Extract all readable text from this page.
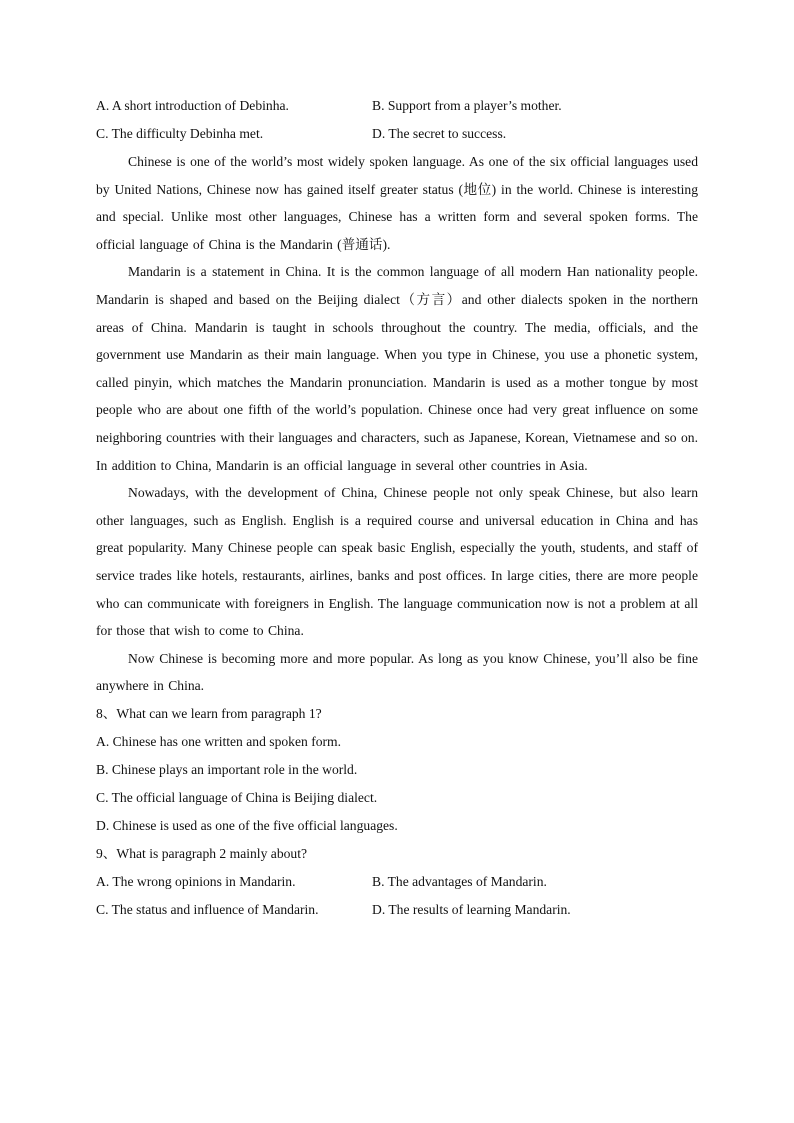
A. A short introduction of Debinha.	B. Support from a player’s mother.
C. The difficulty Debinha met.	D. The secret to success.

Chinese is one of the world’s most widely spoken language. As one of the six official languages used by United Nations, Chinese now has gained itself greater status (地位) in the world. Chinese is interesting and special. Unlike most other languages, Chinese has a written form and several spoken forms. The official language of China is the Mandarin (普通话).

Mandarin is a statement in China. It is the common language of all modern Han nationality people. Mandarin is shaped and based on the Beijing dialect（方言）and other dialects spoken in the northern areas of China. Mandarin is taught in schools throughout the country. The media, officials, and the government use Mandarin as their main language. When you type in Chinese, you use a phonetic system, called pinyin, which matches the Mandarin pronunciation. Mandarin is used as a mother tongue by most people who are about one fifth of the world’s population. Chinese once had very great influence on some neighboring countries with their languages and characters, such as Japanese, Korean, Vietnamese and so on. In addition to China, Mandarin is an official language in several other countries in Asia.

Nowadays, with the development of China, Chinese people not only speak Chinese, but also learn other languages, such as English. English is a required course and universal education in China and has great popularity. Many Chinese people can speak basic English, especially the youth, students, and staff of service trades like hotels, restaurants, airlines, banks and post offices. In large cities, there are more people who can communicate with foreigners in English. The language communication now is not a problem at all for those that wish to come to China.

Now Chinese is becoming more and more popular. As long as you know Chinese, you’ll also be fine anywhere in China.

8、What can we learn from paragraph 1?
A. Chinese has one written and spoken form.
B. Chinese plays an important role in the world.
C. The official language of China is Beijing dialect.
D. Chinese is used as one of the five official languages.
9、What is paragraph 2 mainly about?
A. The wrong opinions in Mandarin.	B. The advantages of Mandarin.
C. The status and influence of Mandarin.	D. The results of learning Mandarin.
